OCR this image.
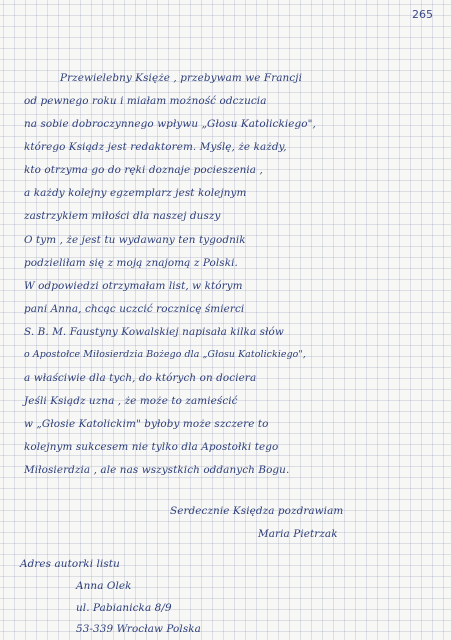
265
Przewielebny Księże , przebywam we Francji
od pewnego roku i miałam możność odczucia
na sobie dobroczynnego wpływu „Głosu Katolickiego",
którego Ksiądz jest redaktorem. Myślę, że każdy,
kto otrzyma go do ręki doznaje pocieszenia ,
a każdy kolejny egzemplarz jest kolejnym
zastrzykiem miłości dla naszej duszy
O tym , że jest tu wydawany ten tygodnik
podzieliłam się z moją znajomą z Polski.
W odpowiedzi otrzymałam list, w którym
pani Anna, chcąc uczcić rocznicę śmierci
S. B. M. Faustyny Kowalskiej napisała kilka słów
o Apostołce Miłosierdzia Bożego dla „Głosu Katolickiego",
a właściwie dla tych, do których on dociera
Jeśli Ksiądz uzna , że może to zamieścić
w „Głosie Katolickim" byłoby może szczere to
kolejnym sukcesem nie tylko dla Apostołki tego
Miłosierdzia , ale nas wszystkich oddanych Bogu.
Serdecznie Księdza pozdrawiam
Maria Pietrzak
Adres autorki listu
Anna Olek
ul. Pabianicka 8/9
53-339 Wrocław Polska
